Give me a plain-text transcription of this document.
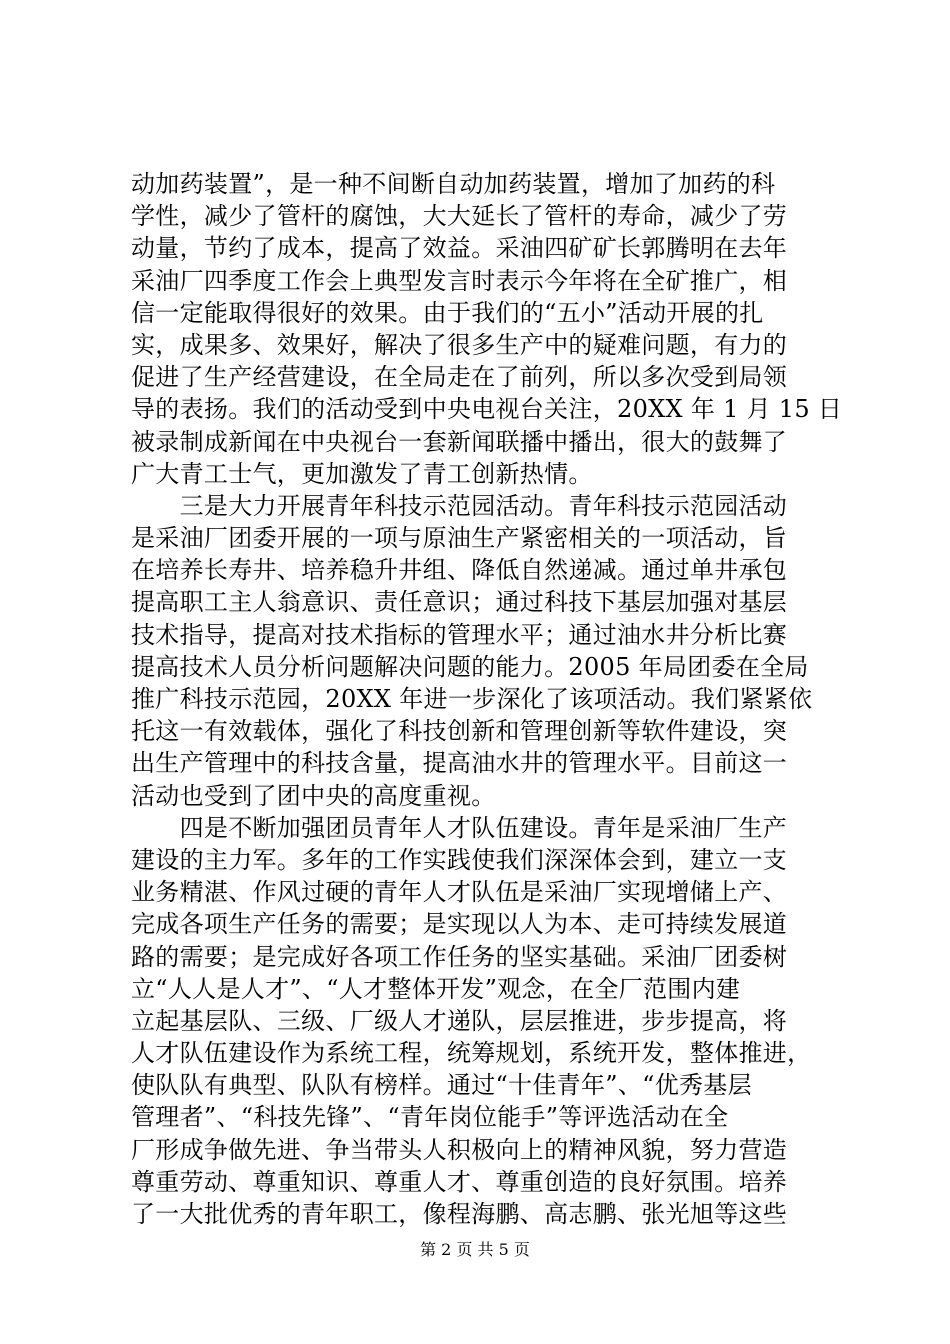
动加药装置”，是一种不间断自动加药装置，增加了加药的科
学性，减少了管杆的腐蚀，大大延长了管杆的寿命，减少了劳
动量，节约了成本，提高了效益。采油四矿矿长郭腾明在去年
采油厂四季度工作会上典型发言时表示今年将在全矿推广，相
信一定能取得很好的效果。由于我们的“五小”活动开展的扎
实，成果多、效果好，解决了很多生产中的疑难问题，有力的
促进了生产经营建设，在全局走在了前列，所以多次受到局领
导的表扬。我们的活动受到中央电视台关注，20XX 年 1 月 15 日
被录制成新闻在中央视台一套新闻联播中播出，很大的鼓舞了
广大青工士气，更加激发了青工创新热情。
　　三是大力开展青年科技示范园活动。青年科技示范园活动
是采油厂团委开展的一项与原油生产紧密相关的一项活动，旨
在培养长寿井、培养稳升井组、降低自然递减。通过单井承包
提高职工主人翁意识、责任意识；通过科技下基层加强对基层
技术指导，提高对技术指标的管理水平；通过油水井分析比赛
提高技术人员分析问题解决问题的能力。2005 年局团委在全局
推广科技示范园，20XX 年进一步深化了该项活动。我们紧紧依
托这一有效载体，强化了科技创新和管理创新等软件建设，突
出生产管理中的科技含量，提高油水井的管理水平。目前这一
活动也受到了团中央的高度重视。
　　四是不断加强团员青年人才队伍建设。青年是采油厂生产
建设的主力军。多年的工作实践使我们深深体会到，建立一支
业务精湛、作风过硬的青年人才队伍是采油厂实现增储上产、
完成各项生产任务的需要；是实现以人为本、走可持续发展道
路的需要；是完成好各项工作任务的坚实基础。采油厂团委树
立“人人是人才”、“人才整体开发”观念，在全厂范围内建
立起基层队、三级、厂级人才递队，层层推进，步步提高，将
人才队伍建设作为系统工程，统筹规划，系统开发，整体推进，
使队队有典型、队队有榜样。通过“十佳青年”、“优秀基层
管理者”、“科技先锋”、“青年岗位能手”等评选活动在全
厂形成争做先进、争当带头人积极向上的精神风貌，努力营造
尊重劳动、尊重知识、尊重人才、尊重创造的良好氛围。培养
了一大批优秀的青年职工，像程海鹏、高志鹏、张光旭等这些
第 2 页 共 5 页
